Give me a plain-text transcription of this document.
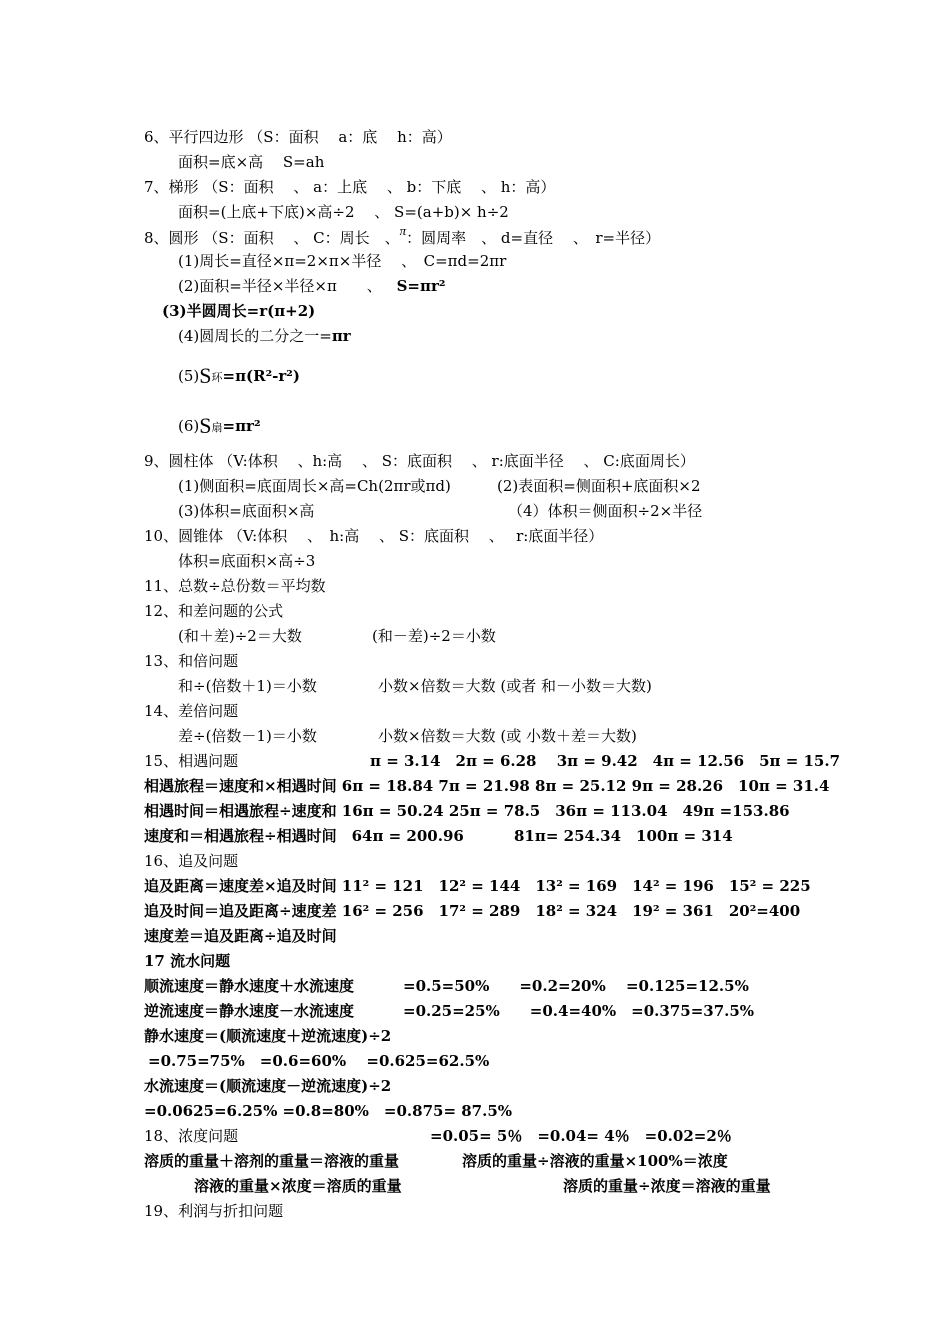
6、平行四边形 （S：面积　 a：底　 h：高）
面积=底×高　 S=ah
7、梯形 （S：面积　 、 a：上底　 、 b：下底　 、 h：高）
面积=(上底+下底)×高÷2　 、 S=(a+b)× h÷2
8、圆形 （S：面积　 、 C：周长　、π：圆周率　、 d=直径　 、　r=半径）
(1)周长=直径×π=2×π×半径　 、　C=πd=2πr
(2)面积=半径×半径×π　　、 S=πr²
(3)半圆周长=r(π+2)
(4)圆周长的二分之一=πr
(5)S环=π(R²-r²)
(6)S扇=πr²
9、圆柱体 （V:体积　 、h:高　 、 S：底面积　 、 r:底面半径　 、 C:底面周长）
(1)侧面积=底面周长×高=Ch(2πr或πd)	(2)表面积=侧面积+底面积×2
(3)体积=底面积×高	（4）体积＝侧面积÷2×半径
10、圆锥体 （V:体积　 、　h:高　 、 S：底面积　 、　 r:底面半径）
体积=底面积×高÷3
11、总数÷总份数＝平均数
12、和差问题的公式
(和＋差)÷2＝大数	(和－差)÷2＝小数
13、和倍问题
和÷(倍数＋1)＝小数	小数×倍数＝大数 (或者 和－小数＝大数)
14、差倍问题
差÷(倍数－1)＝小数	小数×倍数＝大数 (或 小数＋差＝大数)
15、相遇问题	π = 3.14　2π = 6.28　 3π = 9.42　4π = 12.56　5π = 15.7
相遇旅程＝速度和×相遇时间 6π = 18.84 7π = 21.98 8π = 25.12 9π = 28.26　10π = 31.4
相遇时间＝相遇旅程÷速度和 16π = 50.24 25π = 78.5　36π = 113.04　49π =153.86
速度和＝相遇旅程÷相遇时间　64π = 200.96	81π= 254.34　100π = 314
16、追及问题
追及距离＝速度差×追及时间 11² = 121　12² = 144　13² = 169　14² = 196　15² = 225
追及时间＝追及距离÷速度差 16² = 256　17² = 289　18² = 324　19² = 361　20²=400
速度差＝追及距离÷追及时间
17 流水问题
顺流速度＝静水速度＋水流速度	=0.5=50%　　=0.2=20%　 =0.125=12.5%
逆流速度＝静水速度－水流速度	=0.25=25%　　=0.4=40%　=0.375=37.5%
静水速度＝(顺流速度＋逆流速度)÷2
=0.75=75%　=0.6=60%　 =0.625=62.5%
水流速度＝(顺流速度－逆流速度)÷2
=0.0625=6.25% =0.8=80%　=0.875= 87.5%
18、浓度问题	=0.05= 5％　=0.04= 4％　=0.02=2％
溶质的重量＋溶剂的重量＝溶液的重量	溶质的重量÷溶液的重量×100%＝浓度
溶液的重量×浓度＝溶质的重量	溶质的重量÷浓度＝溶液的重量
19、利润与折扣问题
